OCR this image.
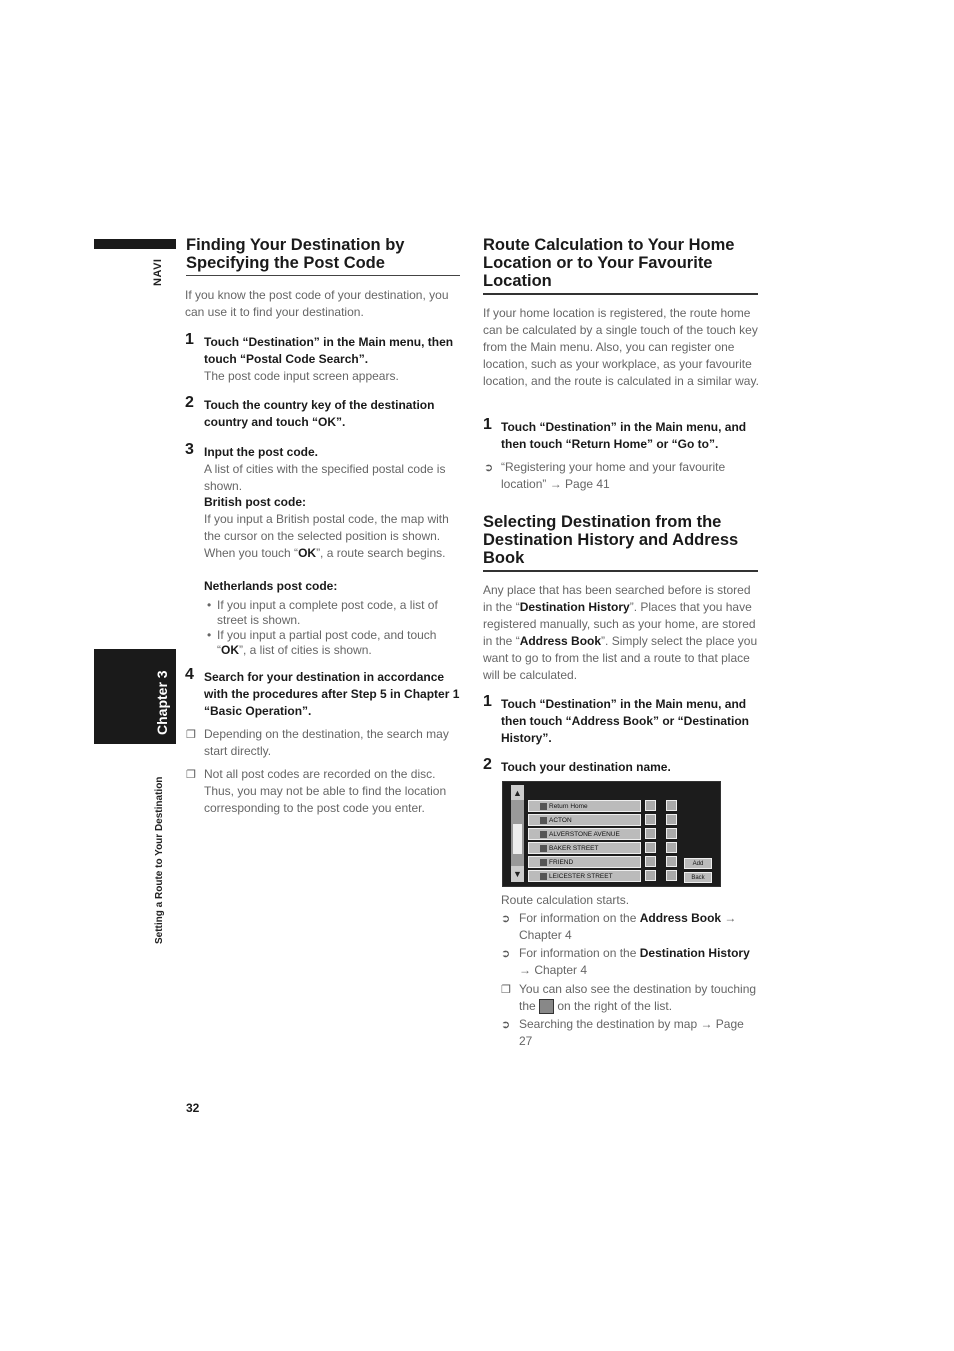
NAVI
Chapter 3
Setting a Route to Your Destination
Finding Your Destination by Specifying the Post Code
If you know the post code of your destination, you can use it to find your destination.
1 Touch “Destination” in the Main menu, then touch “Postal Code Search”.
The post code input screen appears.
2 Touch the country key of the destination country and touch “OK”.
3 Input the post code.
A list of cities with the specified postal code is shown.
British post code:
If you input a British postal code, the map with the cursor on the selected position is shown. When you touch “OK”, a route search begins.
Netherlands post code:
• If you input a complete post code, a list of street is shown.
• If you input a partial post code, and touch “OK”, a list of cities is shown.
4 Search for your destination in accordance with the procedures after Step 5 in Chapter 1 “Basic Operation”.
❐ Depending on the destination, the search may start directly.
❐ Not all post codes are recorded on the disc. Thus, you may not be able to find the location corresponding to the post code you enter.
Route Calculation to Your Home Location or to Your Favourite Location
If your home location is registered, the route home can be calculated by a single touch of the touch key from the Main menu. Also, you can register one location, such as your workplace, as your favourite location, and the route is calculated in a similar way.
1 Touch “Destination” in the Main menu, and then touch “Return Home” or “Go to”.
➲ “Registering your home and your favourite location” → Page 41
Selecting Destination from the Destination History and Address Book
Any place that has been searched before is stored in the “Destination History”. Places that you have registered manually, such as your home, are stored in the “Address Book”. Simply select the place you want to go to from the list and a route to that place will be calculated.
1 Touch “Destination” in the Main menu, and then touch “Address Book” or “Destination History”.
2 Touch your destination name.
▲
▼
Return Home
ACTON
ALVERSTONE AVENUE
BAKER STREET
FRIEND
LEICESTER STREET
Add
Back
Route calculation starts.
➲ For information on the Address Book → Chapter 4
➲ For information on the Destination History → Chapter 4
❐ You can also see the destination by touching the  on the right of the list.
➲ Searching the destination by map → Page 27
32
